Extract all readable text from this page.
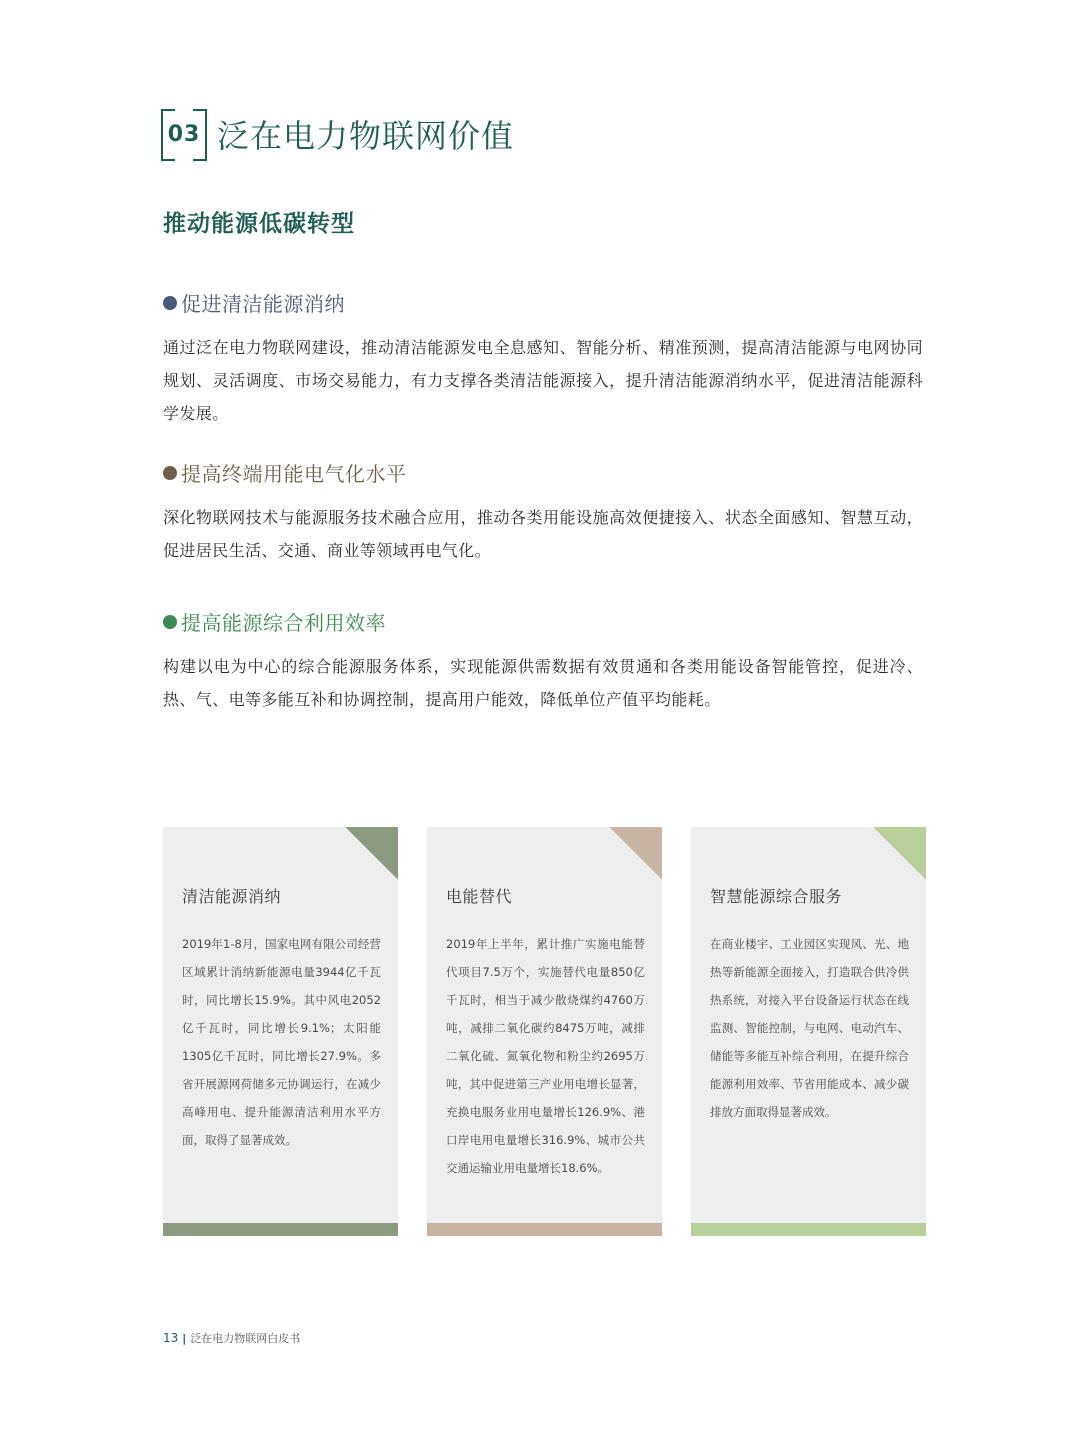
03 泛在电力物联网价值
推动能源低碳转型
促进清洁能源消纳
通过泛在电力物联网建设，推动清洁能源发电全息感知、智能分析、精准预测，提高清洁能源与电网协同规划、灵活调度、市场交易能力，有力支撑各类清洁能源接入，提升清洁能源消纳水平，促进清洁能源科学发展。
提高终端用能电气化水平
深化物联网技术与能源服务技术融合应用，推动各类用能设施高效便捷接入、状态全面感知、智慧互动，促进居民生活、交通、商业等领域再电气化。
提高能源综合利用效率
构建以电为中心的综合能源服务体系，实现能源供需数据有效贯通和各类用能设备智能管控，促进冷、热、气、电等多能互补和协调控制，提高用户能效，降低单位产值平均能耗。
清洁能源消纳
2019年1-8月，国家电网有限公司经营区域累计消纳新能源电量3944亿千瓦时，同比增长15.9%。其中风电2052亿千瓦时，同比增长9.1%；太阳能1305亿千瓦时，同比增长27.9%。多省开展源网荷储多元协调运行，在减少高峰用电、提升能源清洁利用水平方面，取得了显著成效。
电能替代
2019年上半年，累计推广实施电能替代项目7.5万个，实施替代电量850亿千瓦时，相当于减少散烧煤约4760万吨，减排二氧化碳约8475万吨，减排二氧化硫、氮氧化物和粉尘约2695万吨，其中促进第三产业用电增长显著，充换电服务业用电量增长126.9%、港口岸电用电量增长316.9%、城市公共交通运输业用电量增长18.6%。
智慧能源综合服务
在商业楼宇、工业园区实现风、光、地热等新能源全面接入，打造联合供冷供热系统，对接入平台设备运行状态在线监测、智能控制，与电网、电动汽车、储能等多能互补综合利用，在提升综合能源利用效率、节省用能成本、减少碳排放方面取得显著成效。
13 | 泛在电力物联网白皮书
